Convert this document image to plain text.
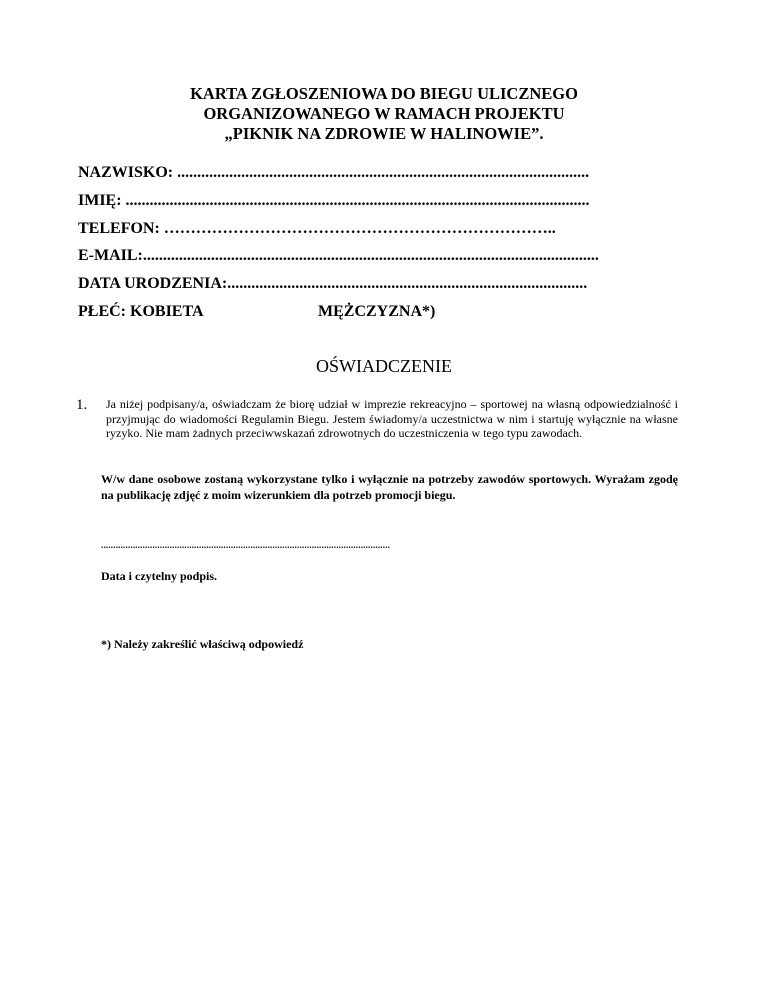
KARTA ZGŁOSZENIOWA DO BIEGU ULICZNEGO
ORGANIZOWANEGO W RAMACH PROJEKTU
„PIKNIK NA ZDROWIE W HALINOWIE”.
NAZWISKO: .......................................................................................................
IMIĘ: ....................................................................................................................
TELEFON: ………………………………………………………………..
E-MAIL:..................................................................................................................
DATA URODZENIA:..........................................................................................
PŁEĆ: KOBIETA	MĘŻCZYZNA*)
OŚWIADCZENIE
1.	Ja niżej podpisany/a, oświadczam że biorę udział w imprezie rekreacyjno – sportowej na własną odpowiedzialność i przyjmując do wiadomości Regulamin Biegu. Jestem świadomy/a uczestnictwa w nim i startuję wyłącznie na własne ryzyko. Nie mam żadnych przeciwwskazań zdrowotnych do uczestniczenia w tego typu zawodach.
W/w dane osobowe zostaną wykorzystane tylko i wyłącznie na potrzeby zawodów sportowych. Wyrażam zgodę na publikację zdjęć z moim wizerunkiem dla potrzeb promocji biegu.
......................................................................................................................
Data i czytelny podpis.
*) Należy zakreślić właściwą odpowiedź
